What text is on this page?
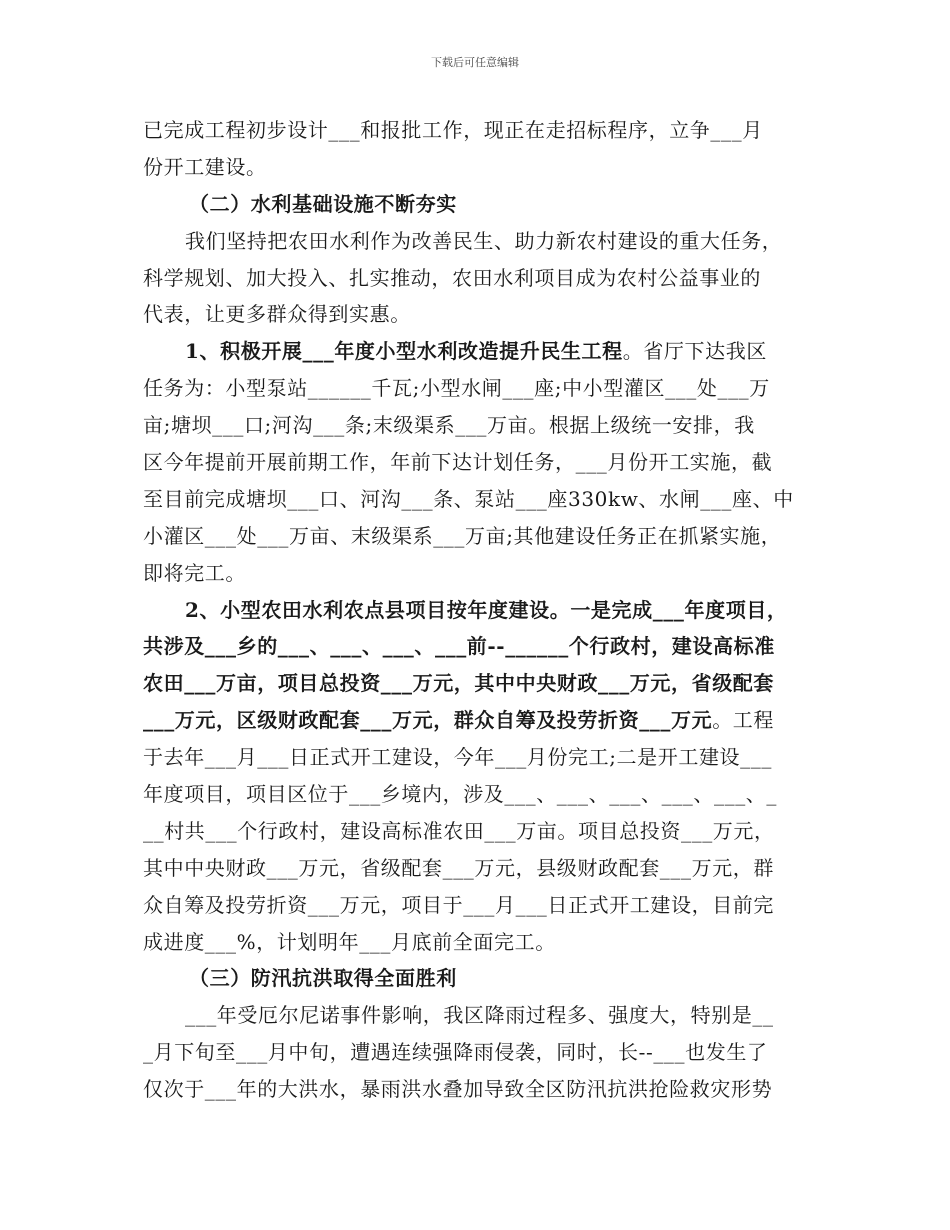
下载后可任意编辑
已完成工程初步设计___和报批工作，现正在走招标程序，立争___月
份开工建设。
（二）水利基础设施不断夯实
我们坚持把农田水利作为改善民生、助力新农村建设的重大任务，
科学规划、加大投入、扎实推动，农田水利项目成为农村公益事业的
代表，让更多群众得到实惠。
1、积极开展___年度小型水利改造提升民生工程。省厅下达我区
任务为：小型泵站______千瓦;小型水闸___座;中小型灌区___处___万
亩;塘坝___口;河沟___条;末级渠系___万亩。根据上级统一安排，我
区今年提前开展前期工作，年前下达计划任务，___月份开工实施，截
至目前完成塘坝___口、河沟___条、泵站___座330kw、水闸___座、中
小灌区___处___万亩、末级渠系___万亩;其他建设任务正在抓紧实施，
即将完工。
2、小型农田水利农点县项目按年度建设。一是完成___年度项目，
共涉及___乡的___、___、___、___前--______个行政村，建设高标准
农田___万亩，项目总投资___万元，其中中央财政___万元，省级配套
___万元，区级财政配套___万元，群众自筹及投劳折资___万元。工程
于去年___月___日正式开工建设，今年___月份完工;二是开工建设___
年度项目，项目区位于___乡境内，涉及___、___、___、___、___、_
__村共___个行政村，建设高标准农田___万亩。项目总投资___万元，
其中中央财政___万元，省级配套___万元，县级财政配套___万元，群
众自筹及投劳折资___万元，项目于___月___日正式开工建设，目前完
成进度___%，计划明年___月底前全面完工。
（三）防汛抗洪取得全面胜利
___年受厄尔尼诺事件影响，我区降雨过程多、强度大，特别是__
_月下旬至___月中旬，遭遇连续强降雨侵袭，同时，长--___也发生了
仅次于___年的大洪水，暴雨洪水叠加导致全区防汛抗洪抢险救灾形势
